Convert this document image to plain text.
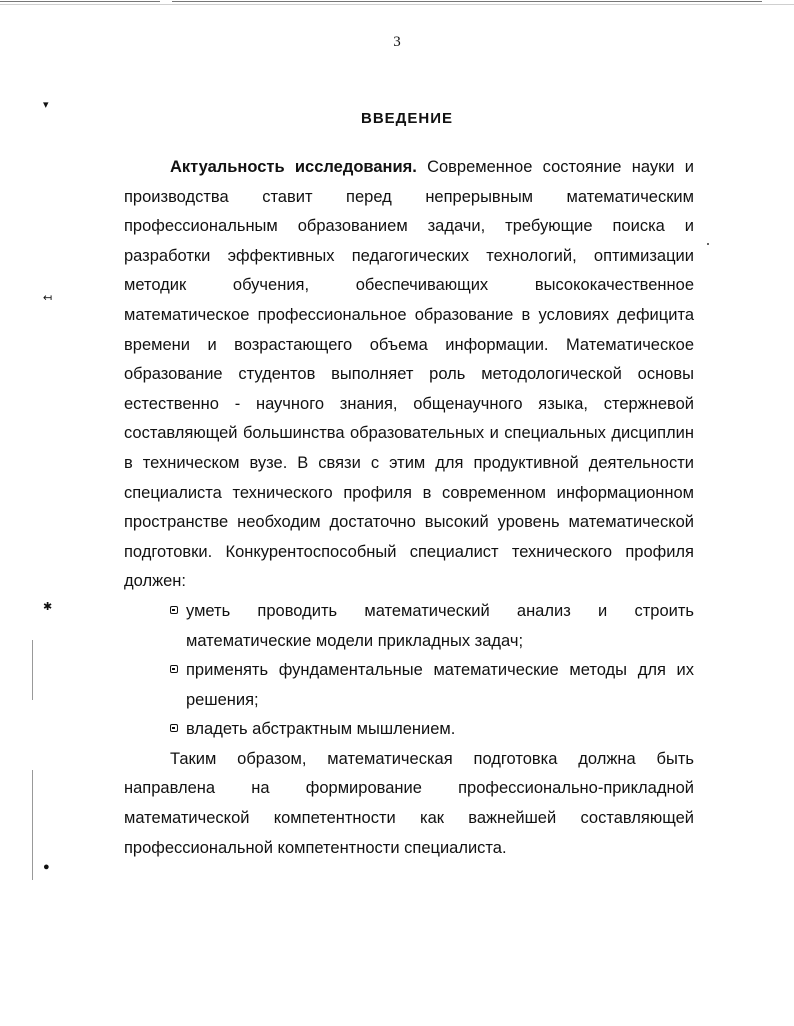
▾
↤
✱
●
3
ВВЕДЕНИЕ

Актуальность исследования. Современное состояние науки и производства ставит перед непрерывным математическим профессиональным образованием задачи, требующие поиска и разработки эффективных педагогических технологий, оптимизации методик обучения, обеспечивающих высококачественное математическое профессиональное образование в условиях дефицита времени и возрастающего объема информации. Математическое образование студентов выполняет роль методологической основы естественно - научного знания, общенаучного языка, стержневой составляющей большинства образовательных и специальных дисциплин в техническом вузе. В связи с этим для продуктивной деятельности специалиста технического профиля в современном информационном пространстве необходим достаточно высокий уровень математической подготовки. Конкурентоспособный специалист технического профиля должен:

уметь проводить математический анализ и строить математические модели прикладных задач;
применять фундаментальные математические методы для их решения;
владеть абстрактным мышлением.

Таким образом, математическая подготовка должна быть направлена на формирование профессионально-прикладной математической компетентности как важнейшей составляющей профессиональной компетентности специалиста.
